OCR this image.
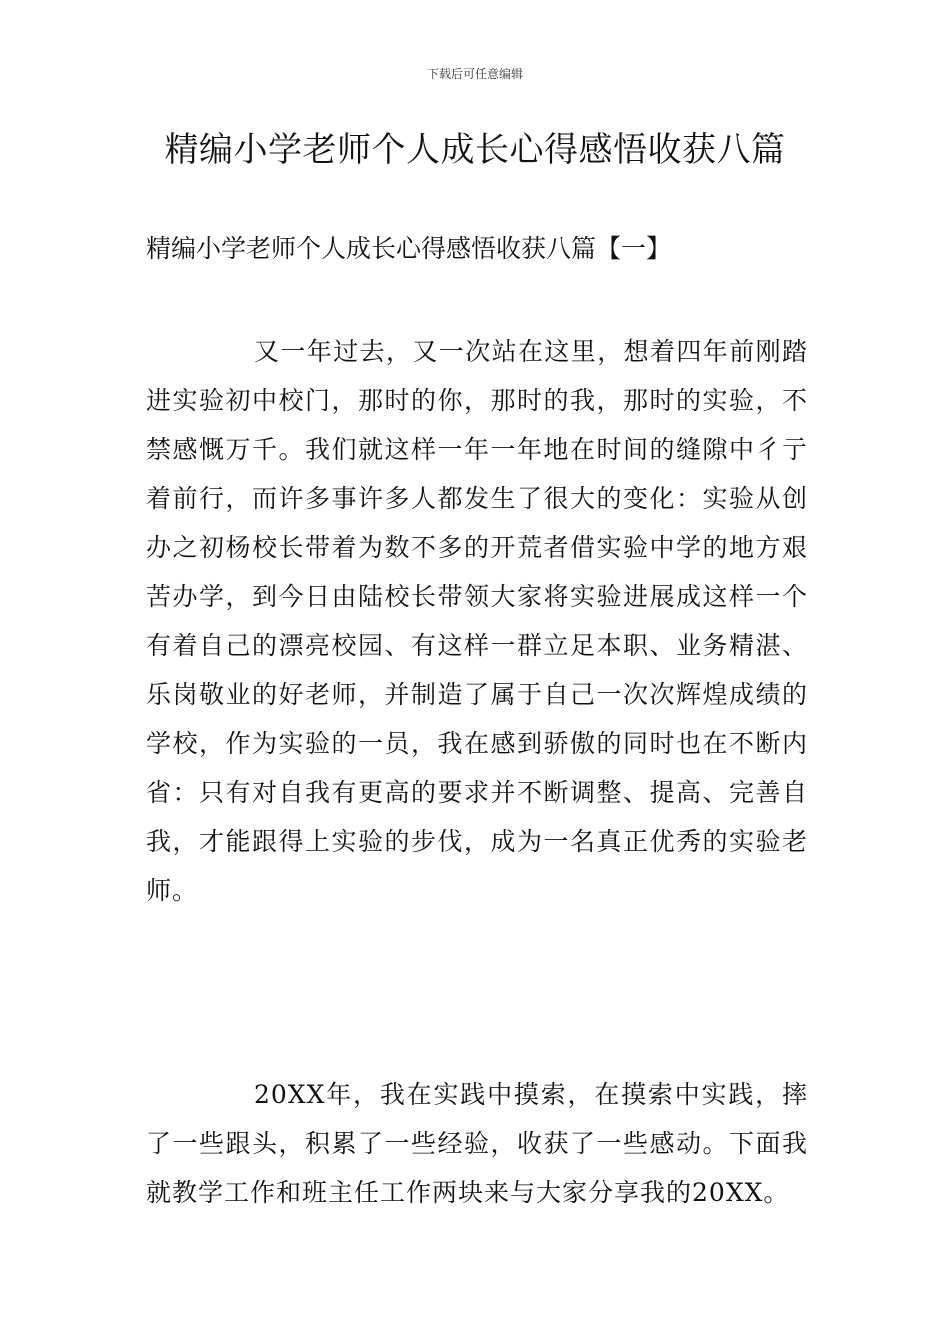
下载后可任意编辑
精编小学老师个人成长心得感悟收获八篇
精编小学老师个人成长心得感悟收获八篇【一】

又一年过去，又一次站在这里，想着四年前刚踏进实验初中校门，那时的你，那时的我，那时的实验，不禁感慨万千。我们就这样一年一年地在时间的缝隙中彳亍着前行，而许多事许多人都发生了很大的变化：实验从创办之初杨校长带着为数不多的开荒者借实验中学的地方艰苦办学，到今日由陆校长带领大家将实验进展成这样一个有着自己的漂亮校园、有这样一群立足本职、业务精湛、乐岗敬业的好老师，并制造了属于自己一次次辉煌成绩的学校，作为实验的一员，我在感到骄傲的同时也在不断内省：只有对自我有更高的要求并不断调整、提高、完善自我，才能跟得上实验的步伐，成为一名真正优秀的实验老师。

20XX年，我在实践中摸索，在摸索中实践，摔了一些跟头，积累了一些经验，收获了一些感动。下面我就教学工作和班主任工作两块来与大家分享我的20XX。
